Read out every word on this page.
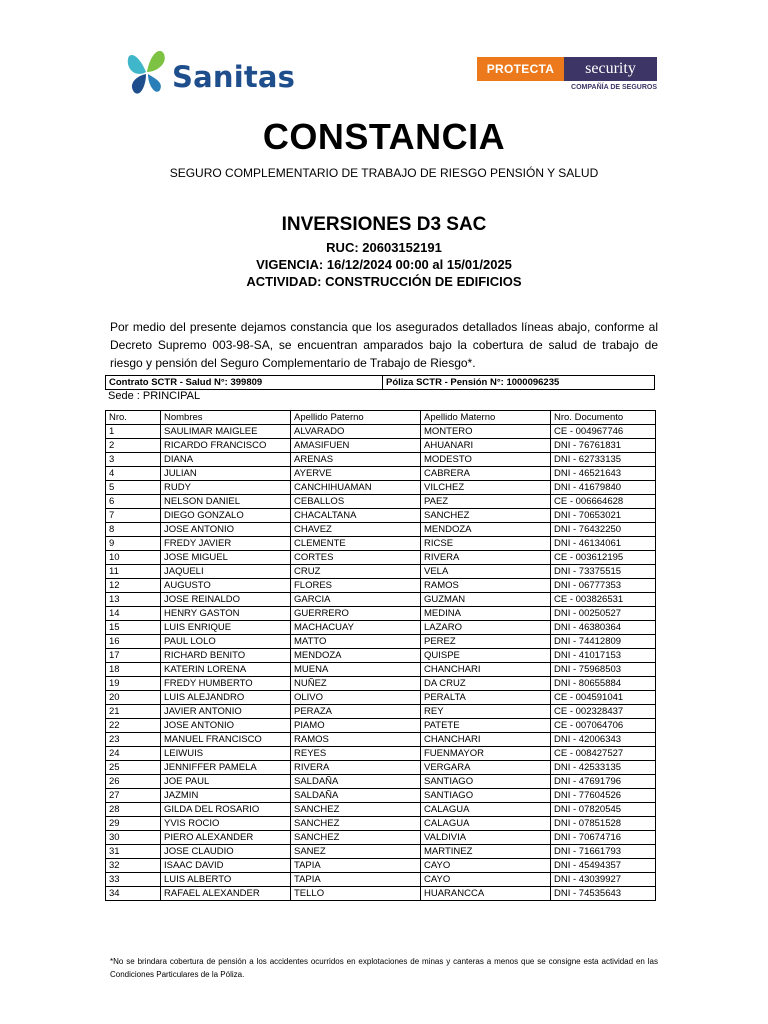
Sanitas	PROTECTA	security
COMPAÑÍA DE SEGUROS
CONSTANCIA
SEGURO COMPLEMENTARIO DE TRABAJO DE RIESGO PENSIÓN Y SALUD
INVERSIONES D3 SAC
RUC: 20603152191
VIGENCIA: 16/12/2024 00:00 al 15/01/2025
ACTIVIDAD: CONSTRUCCIÓN DE EDIFICIOS
Por medio del presente dejamos constancia que los asegurados detallados líneas abajo, conforme al Decreto Supremo 003-98-SA, se encuentran amparados bajo la cobertura de salud de trabajo de riesgo y pensión del Seguro Complementario de Trabajo de Riesgo*.
Contrato SCTR - Salud N°: 399809	Póliza SCTR - Pensión N°: 1000096235
Sede : PRINCIPAL
Nro.	Nombres	Apellido Paterno	Apellido Materno	Nro. Documento
1	SAULIMAR MAIGLEE	ALVARADO	MONTERO	CE - 004967746
2	RICARDO FRANCISCO	AMASIFUEN	AHUANARI	DNI - 76761831
3	DIANA	ARENAS	MODESTO	DNI - 62733135
4	JULIAN	AYERVE	CABRERA	DNI - 46521643
5	RUDY	CANCHIHUAMAN	VILCHEZ	DNI - 41679840
6	NELSON DANIEL	CEBALLOS	PAEZ	CE - 006664628
7	DIEGO GONZALO	CHACALTANA	SANCHEZ	DNI - 70653021
8	JOSE ANTONIO	CHAVEZ	MENDOZA	DNI - 76432250
9	FREDY JAVIER	CLEMENTE	RICSE	DNI - 46134061
10	JOSE MIGUEL	CORTES	RIVERA	CE - 003612195
11	JAQUELI	CRUZ	VELA	DNI - 73375515
12	AUGUSTO	FLORES	RAMOS	DNI - 06777353
13	JOSE REINALDO	GARCIA	GUZMAN	CE - 003826531
14	HENRY GASTON	GUERRERO	MEDINA	DNI - 00250527
15	LUIS ENRIQUE	MACHACUAY	LAZARO	DNI - 46380364
16	PAUL LOLO	MATTO	PEREZ	DNI - 74412809
17	RICHARD BENITO	MENDOZA	QUISPE	DNI - 41017153
18	KATERIN LORENA	MUENA	CHANCHARI	DNI - 75968503
19	FREDY HUMBERTO	NUÑEZ	DA CRUZ	DNI - 80655884
20	LUIS ALEJANDRO	OLIVO	PERALTA	CE - 004591041
21	JAVIER ANTONIO	PERAZA	REY	CE - 002328437
22	JOSE ANTONIO	PIAMO	PATETE	CE - 007064706
23	MANUEL FRANCISCO	RAMOS	CHANCHARI	DNI - 42006343
24	LEIWUIS	REYES	FUENMAYOR	CE - 008427527
25	JENNIFFER PAMELA	RIVERA	VERGARA	DNI - 42533135
26	JOE PAUL	SALDAÑA	SANTIAGO	DNI - 47691796
27	JAZMIN	SALDAÑA	SANTIAGO	DNI - 77604526
28	GILDA DEL ROSARIO	SANCHEZ	CALAGUA	DNI - 07820545
29	YVIS ROCIO	SANCHEZ	CALAGUA	DNI - 07851528
30	PIERO ALEXANDER	SANCHEZ	VALDIVIA	DNI - 70674716
31	JOSE CLAUDIO	SANEZ	MARTINEZ	DNI - 71661793
32	ISAAC DAVID	TAPIA	CAYO	DNI - 45494357
33	LUIS ALBERTO	TAPIA	CAYO	DNI - 43039927
34	RAFAEL ALEXANDER	TELLO	HUARANCCA	DNI - 74535643
*No se brindara cobertura de pensión a los accidentes ocurridos en explotaciones de minas y canteras a menos que se consigne esta actividad en las Condiciones Particulares de la Póliza.
